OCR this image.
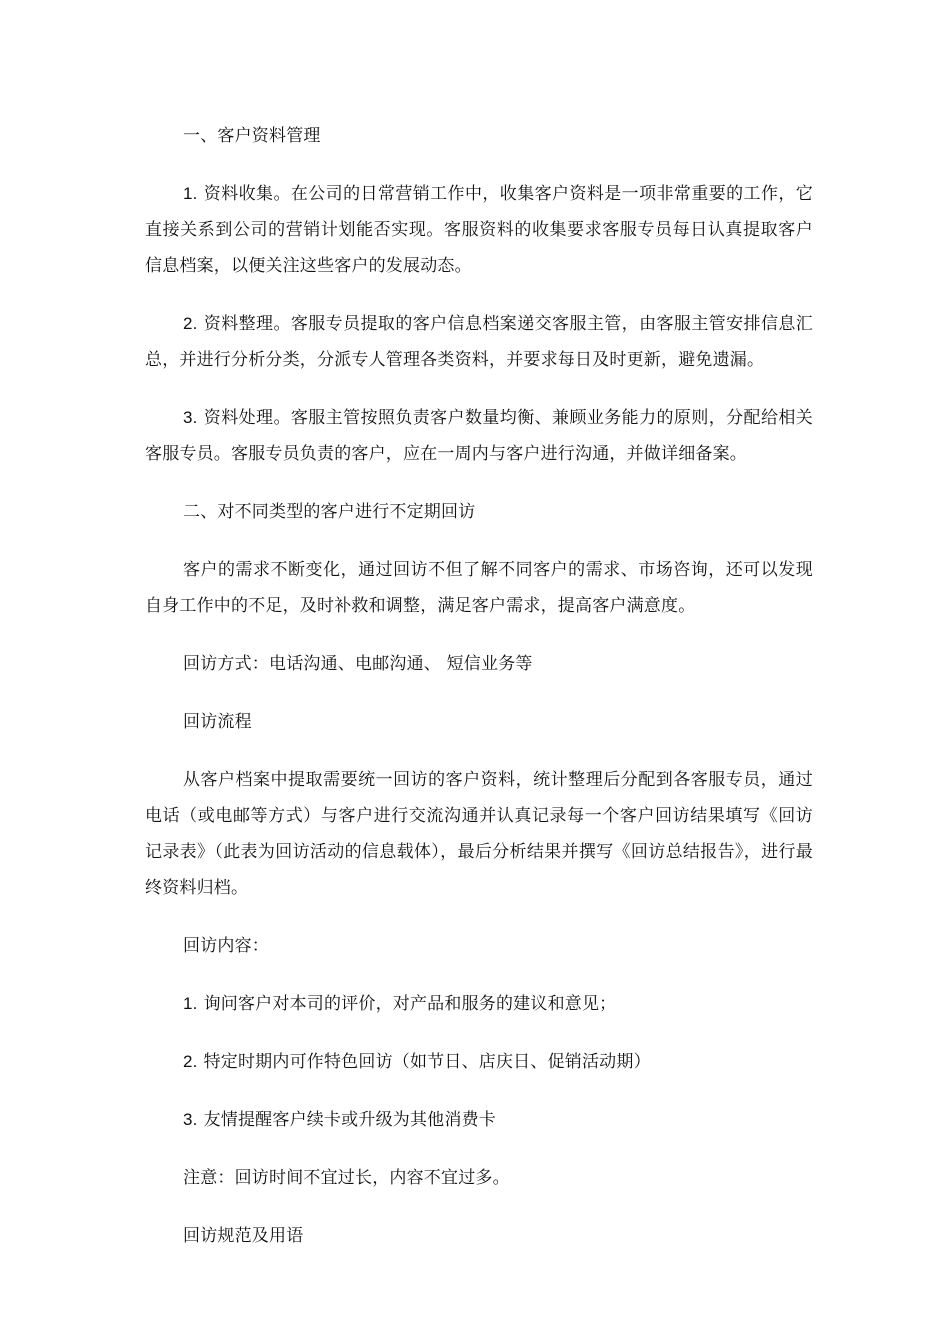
一、客户资料管理

1. 资料收集。在公司的日常营销工作中，收集客户资料是一项非常重要的工作，它直接关系到公司的营销计划能否实现。客服资料的收集要求客服专员每日认真提取客户信息档案，以便关注这些客户的发展动态。

2. 资料整理。客服专员提取的客户信息档案递交客服主管，由客服主管安排信息汇总，并进行分析分类，分派专人管理各类资料，并要求每日及时更新，避免遗漏。

3. 资料处理。客服主管按照负责客户数量均衡、兼顾业务能力的原则，分配给相关客服专员。客服专员负责的客户，应在一周内与客户进行沟通，并做详细备案。

二、对不同类型的客户进行不定期回访

客户的需求不断变化，通过回访不但了解不同客户的需求、市场咨询，还可以发现自身工作中的不足，及时补救和调整，满足客户需求，提高客户满意度。

回访方式：电话沟通、电邮沟通、 短信业务等

回访流程

从客户档案中提取需要统一回访的客户资料，统计整理后分配到各客服专员，通过电话（或电邮等方式）与客户进行交流沟通并认真记录每一个客户回访结果填写《回访记录表》（此表为回访活动的信息载体），最后分析结果并撰写《回访总结报告》，进行最终资料归档。

回访内容：

1. 询问客户对本司的评价，对产品和服务的建议和意见；

2. 特定时期内可作特色回访（如节日、店庆日、促销活动期）

3. 友情提醒客户续卡或升级为其他消费卡

注意：回访时间不宜过长，内容不宜过多。

回访规范及用语
